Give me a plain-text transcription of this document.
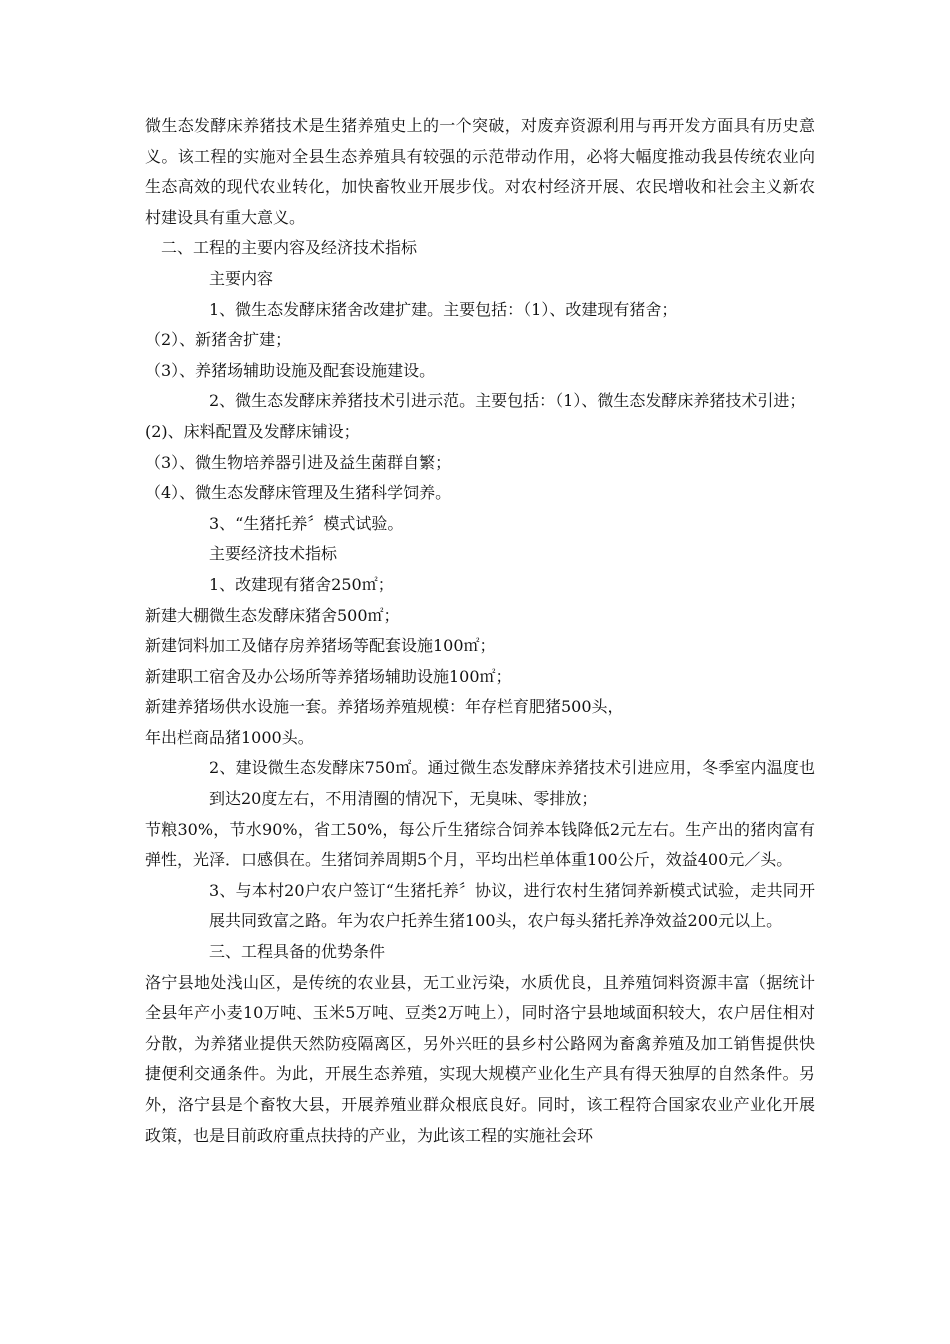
微生态发酵床养猪技术是生猪养殖史上的一个突破，对废弃资源利用与再开发方面具有历史意义。该工程的实施对全县生态养殖具有较强的示范带动作用，必将大幅度推动我县传统农业向生态高效的现代农业转化，加快畜牧业开展步伐。对农村经济开展、农民增收和社会主义新农村建设具有重大意义。

二、工程的主要内容及经济技术指标

主要内容

1、微生态发酵床猪舍改建扩建。主要包括：（1）、改建现有猪舍；

（2）、新猪舍扩建；

（3）、养猪场辅助设施及配套设施建设。

2、微生态发酵床养猪技术引进示范。主要包括：（1）、微生态发酵床养猪技术引进；

(2)、床料配置及发酵床铺设；

（3）、微生物培养器引进及益生菌群自繁；

（4）、微生态发酵床管理及生猪科学饲养。

3、“生猪托养〞模式试验。

主要经济技术指标

1、改建现有猪舍250㎡；

新建大棚微生态发酵床猪舍500㎡；

新建饲料加工及储存房养猪场等配套设施100㎡；

新建职工宿舍及办公场所等养猪场辅助设施100㎡；

新建养猪场供水设施一套。养猪场养殖规模：年存栏育肥猪500头，

年出栏商品猪1000头。

2、建设微生态发酵床750㎡。通过微生态发酵床养猪技术引进应用，冬季室内温度也到达20度左右，不用清圈的情况下，无臭味、零排放；

节粮30%，节水90%，省工50%，每公斤生猪综合饲养本钱降低2元左右。生产出的猪肉富有弹性，光泽．口感俱在。生猪饲养周期5个月，平均出栏单体重100公斤，效益400元／头。

3、与本村20户农户签订“生猪托养〞协议，进行农村生猪饲养新模式试验，走共同开展共同致富之路。年为农户托养生猪100头，农户每头猪托养净效益200元以上。

三、工程具备的优势条件

洛宁县地处浅山区，是传统的农业县，无工业污染，水质优良，且养殖饲料资源丰富（据统计全县年产小麦10万吨、玉米5万吨、豆类2万吨上），同时洛宁县地域面积较大，农户居住相对分散，为养猪业提供天然防疫隔离区，另外兴旺的县乡村公路网为畜禽养殖及加工销售提供快捷便利交通条件。为此，开展生态养殖，实现大规模产业化生产具有得天独厚的自然条件。另外，洛宁县是个畜牧大县，开展养殖业群众根底良好。同时，该工程符合国家农业产业化开展政策，也是目前政府重点扶持的产业，为此该工程的实施社会环
